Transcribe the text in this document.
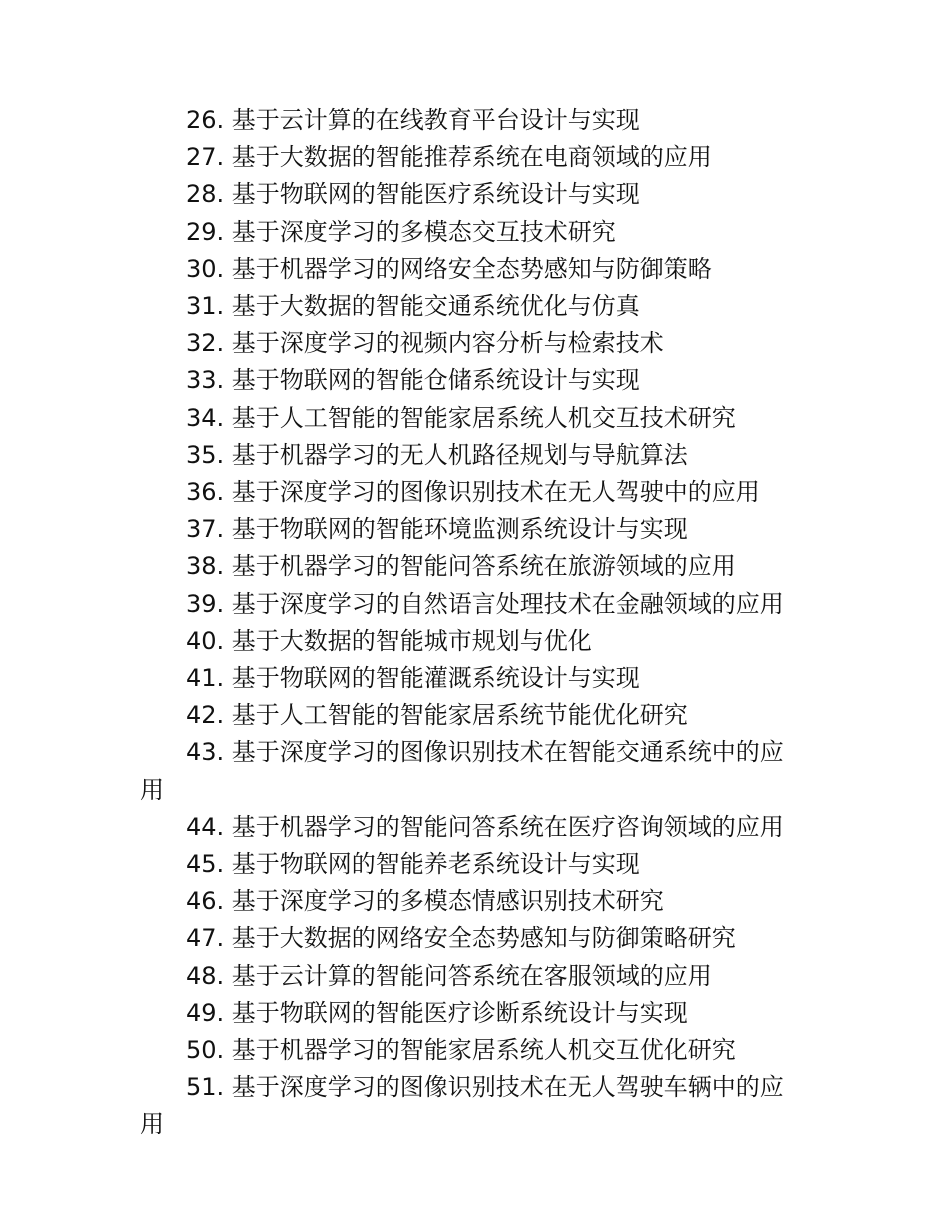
26. 基于云计算的在线教育平台设计与实现

27. 基于大数据的智能推荐系统在电商领域的应用

28. 基于物联网的智能医疗系统设计与实现

29. 基于深度学习的多模态交互技术研究

30. 基于机器学习的网络安全态势感知与防御策略

31. 基于大数据的智能交通系统优化与仿真

32. 基于深度学习的视频内容分析与检索技术

33. 基于物联网的智能仓储系统设计与实现

34. 基于人工智能的智能家居系统人机交互技术研究

35. 基于机器学习的无人机路径规划与导航算法

36. 基于深度学习的图像识别技术在无人驾驶中的应用

37. 基于物联网的智能环境监测系统设计与实现

38. 基于机器学习的智能问答系统在旅游领域的应用

39. 基于深度学习的自然语言处理技术在金融领域的应用

40. 基于大数据的智能城市规划与优化

41. 基于物联网的智能灌溉系统设计与实现

42. 基于人工智能的智能家居系统节能优化研究

43. 基于深度学习的图像识别技术在智能交通系统中的应用

44. 基于机器学习的智能问答系统在医疗咨询领域的应用

45. 基于物联网的智能养老系统设计与实现

46. 基于深度学习的多模态情感识别技术研究

47. 基于大数据的网络安全态势感知与防御策略研究

48. 基于云计算的智能问答系统在客服领域的应用

49. 基于物联网的智能医疗诊断系统设计与实现

50. 基于机器学习的智能家居系统人机交互优化研究

51. 基于深度学习的图像识别技术在无人驾驶车辆中的应用
